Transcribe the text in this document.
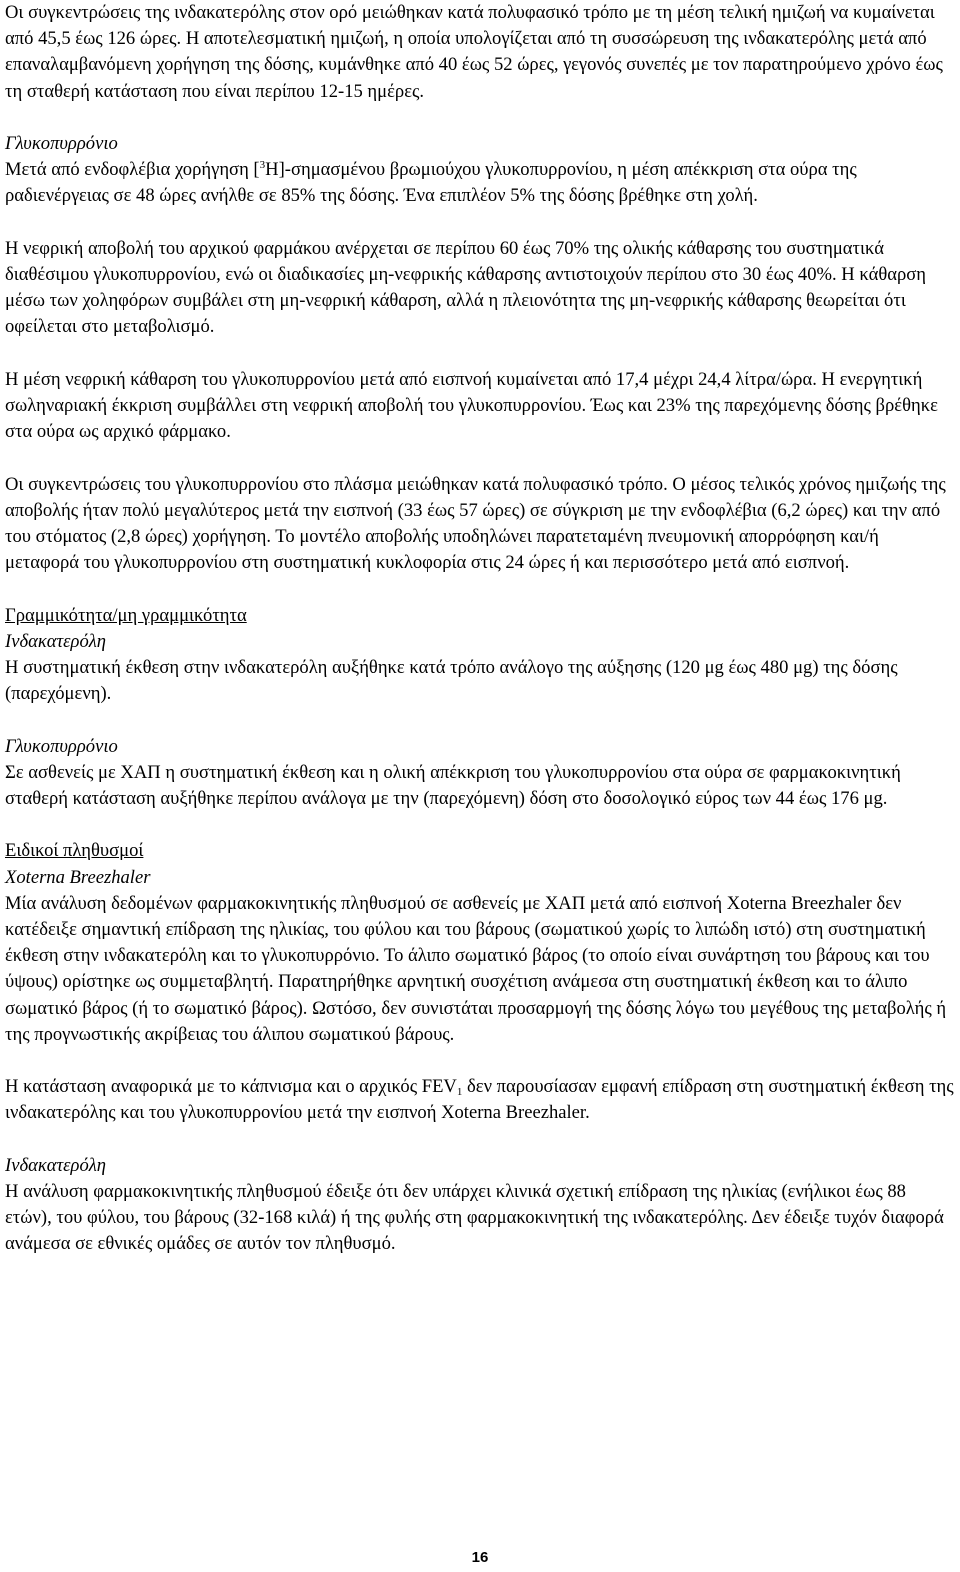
Οι συγκεντρώσεις της ινδακατερόλης στον ορό μειώθηκαν κατά πολυφασικό τρόπο με τη μέση τελική ημιζωή να κυμαίνεται από 45,5 έως 126 ώρες. Η αποτελεσματική ημιζωή, η οποία υπολογίζεται από τη συσσώρευση της ινδακατερόλης μετά από επαναλαμβανόμενη χορήγηση της δόσης, κυμάνθηκε από 40 έως 52 ώρες, γεγονός συνεπές με τον παρατηρούμενο χρόνο έως τη σταθερή κατάσταση που είναι περίπου 12-15 ημέρες.

Γλυκοπυρρόνιο

Μετά από ενδοφλέβια χορήγηση [$^3$H]-σημασμένου βρωμιούχου γλυκοπυρρονίου, η μέση απέκκριση στα ούρα της ραδιενέργειας σε 48 ώρες ανήλθε σε 85% της δόσης. Ένα επιπλέον 5% της δόσης βρέθηκε στη χολή.

Η νεφρική αποβολή του αρχικού φαρμάκου ανέρχεται σε περίπου 60 έως 70% της ολικής κάθαρσης του συστηματικά διαθέσιμου γλυκοπυρρονίου, ενώ οι διαδικασίες μη-νεφρικής κάθαρσης αντιστοιχούν περίπου στο 30 έως 40%. Η κάθαρση μέσω των χοληφόρων συμβάλει στη μη-νεφρική κάθαρση, αλλά η πλειονότητα της μη-νεφρικής κάθαρσης θεωρείται ότι οφείλεται στο μεταβολισμό.

Η μέση νεφρική κάθαρση του γλυκοπυρρονίου μετά από εισπνοή κυμαίνεται από 17,4 μέχρι 24,4 λίτρα/ώρα. Η ενεργητική σωληναριακή έκκριση συμβάλλει στη νεφρική αποβολή του γλυκοπυρρονίου. Έως και 23% της παρεχόμενης δόσης βρέθηκε στα ούρα ως αρχικό φάρμακο.

Οι συγκεντρώσεις του γλυκοπυρρονίου στο πλάσμα μειώθηκαν κατά πολυφασικό τρόπο. Ο μέσος τελικός χρόνος ημιζωής της αποβολής ήταν πολύ μεγαλύτερος μετά την εισπνοή (33 έως 57 ώρες) σε σύγκριση με την ενδοφλέβια (6,2 ώρες) και την από του στόματος (2,8 ώρες) χορήγηση. Το μοντέλο αποβολής υποδηλώνει παρατεταμένη πνευμονική απορρόφηση και/ή μεταφορά του γλυκοπυρρονίου στη συστηματική κυκλοφορία στις 24 ώρες ή και περισσότερο μετά από εισπνοή.

Γραμμικότητα/μη γραμμικότητα

Ινδακατερόλη

Η συστηματική έκθεση στην ινδακατερόλη αυξήθηκε κατά τρόπο ανάλογο της αύξησης (120 μg έως 480 μg) της δόσης (παρεχόμενη).

Γλυκοπυρρόνιο

Σε ασθενείς με ΧΑΠ η συστηματική έκθεση και η ολική απέκκριση του γλυκοπυρρονίου στα ούρα σε φαρμακοκινητική σταθερή κατάσταση αυξήθηκε περίπου ανάλογα με την (παρεχόμενη) δόση στο δοσολογικό εύρος των 44 έως 176 μg.

Ειδικοί πληθυσμοί

Xoterna Breezhaler

Μία ανάλυση δεδομένων φαρμακοκινητικής πληθυσμού σε ασθενείς με ΧΑΠ μετά από εισπνοή Xoterna Breezhaler δεν κατέδειξε σημαντική επίδραση της ηλικίας, του φύλου και του βάρους (σωματικού χωρίς το λιπώδη ιστό) στη συστηματική έκθεση στην ινδακατερόλη και το γλυκοπυρρόνιο. Το άλιπο σωματικό βάρος (το οποίο είναι συνάρτηση του βάρους και του ύψους) ορίστηκε ως συμμεταβλητή. Παρατηρήθηκε αρνητική συσχέτιση ανάμεσα στη συστηματική έκθεση και το άλιπο σωματικό βάρος (ή το σωματικό βάρος). Ωστόσο, δεν συνιστάται προσαρμογή της δόσης λόγω του μεγέθους της μεταβολής ή της προγνωστικής ακρίβειας του άλιπου σωματικού βάρους.

Η κατάσταση αναφορικά με το κάπνισμα και ο αρχικός $FEV_1$ δεν παρουσίασαν εμφανή επίδραση στη συστηματική έκθεση της ινδακατερόλης και του γλυκοπυρρονίου μετά την εισπνοή Xoterna Breezhaler.

Ινδακατερόλη

Η ανάλυση φαρμακοκινητικής πληθυσμού έδειξε ότι δεν υπάρχει κλινικά σχετική επίδραση της ηλικίας (ενήλικοι έως 88 ετών), του φύλου, του βάρους (32-168 κιλά) ή της φυλής στη φαρμακοκινητική της ινδακατερόλης. Δεν έδειξε τυχόν διαφορά ανάμεσα σε εθνικές ομάδες σε αυτόν τον πληθυσμό.

16
